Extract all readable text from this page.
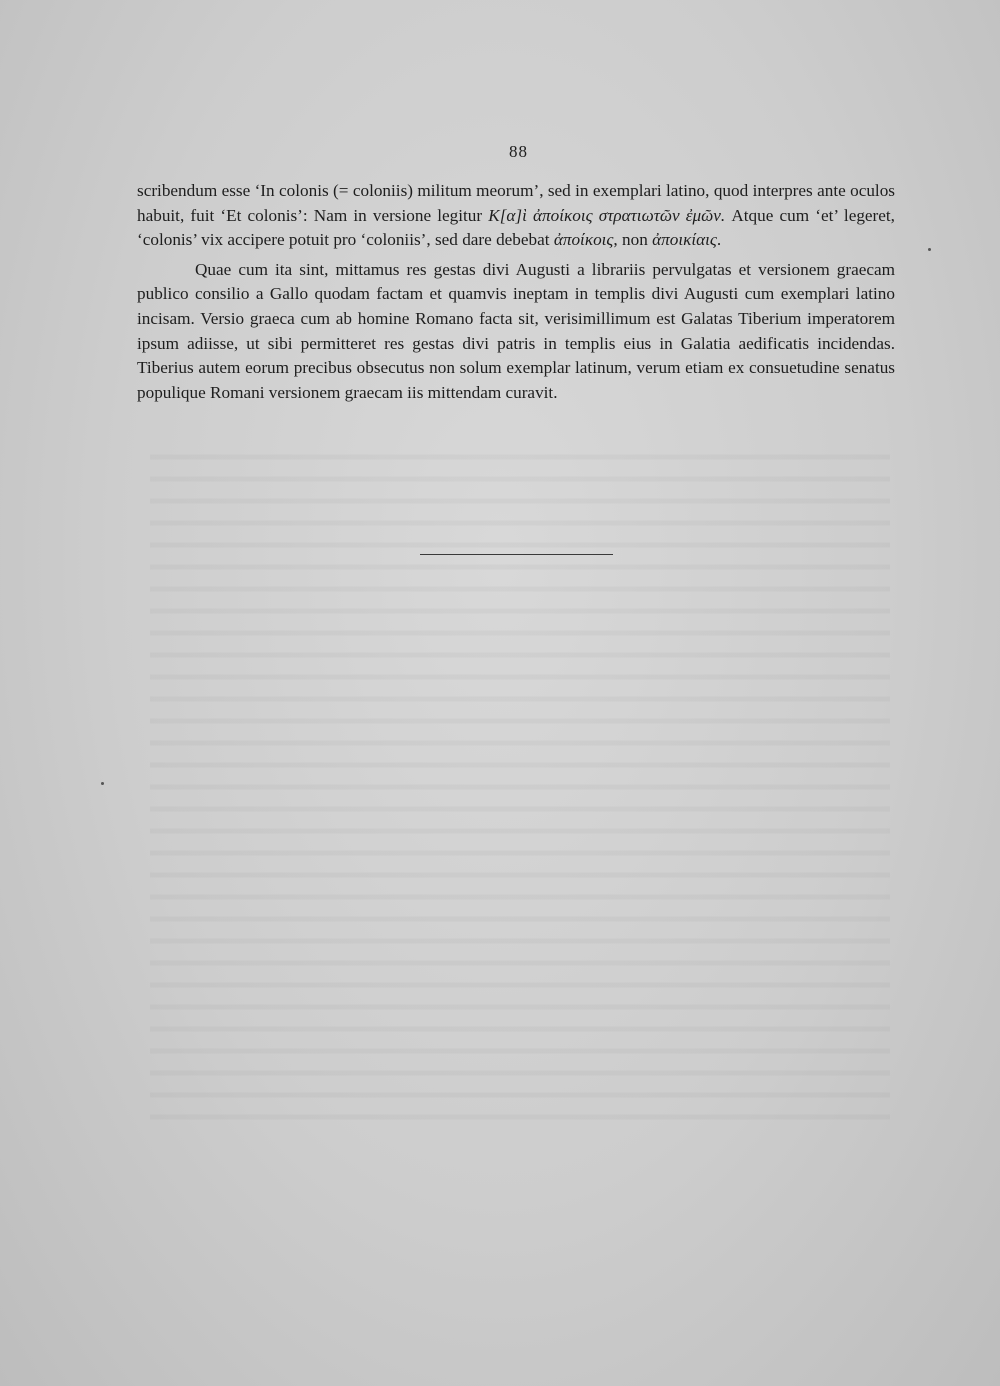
88

scribendum esse ‘In colonis (= coloniis) militum meorum’, sed in exemplari latino, quod interpres ante oculos habuit, fuit ‘Et colonis’: Nam in versione legitur Κ[α]ὶ ἀποίκοις στρατιωτῶν ἐμῶν. Atque cum ‘et’ legeret, ‘colonis’ vix accipere potuit pro ‘coloniis’, sed dare debebat ἀποίκοις, non ἀποικίαις.

Quae cum ita sint, mittamus res gestas divi Augusti a librariis pervulgatas et versionem graecam publico consilio a Gallo quodam factam et quamvis ineptam in templis divi Augusti cum exemplari latino incisam. Versio graeca cum ab homine Romano facta sit, verisimillimum est Galatas Tiberium imperatorem ipsum adiisse, ut sibi permitteret res gestas divi patris in templis eius in Galatia aedificatis incidendas. Tiberius autem eorum precibus obsecutus non solum exemplar latinum, verum etiam ex consuetudine senatus populique Romani versionem graecam iis mittendam curavit.
